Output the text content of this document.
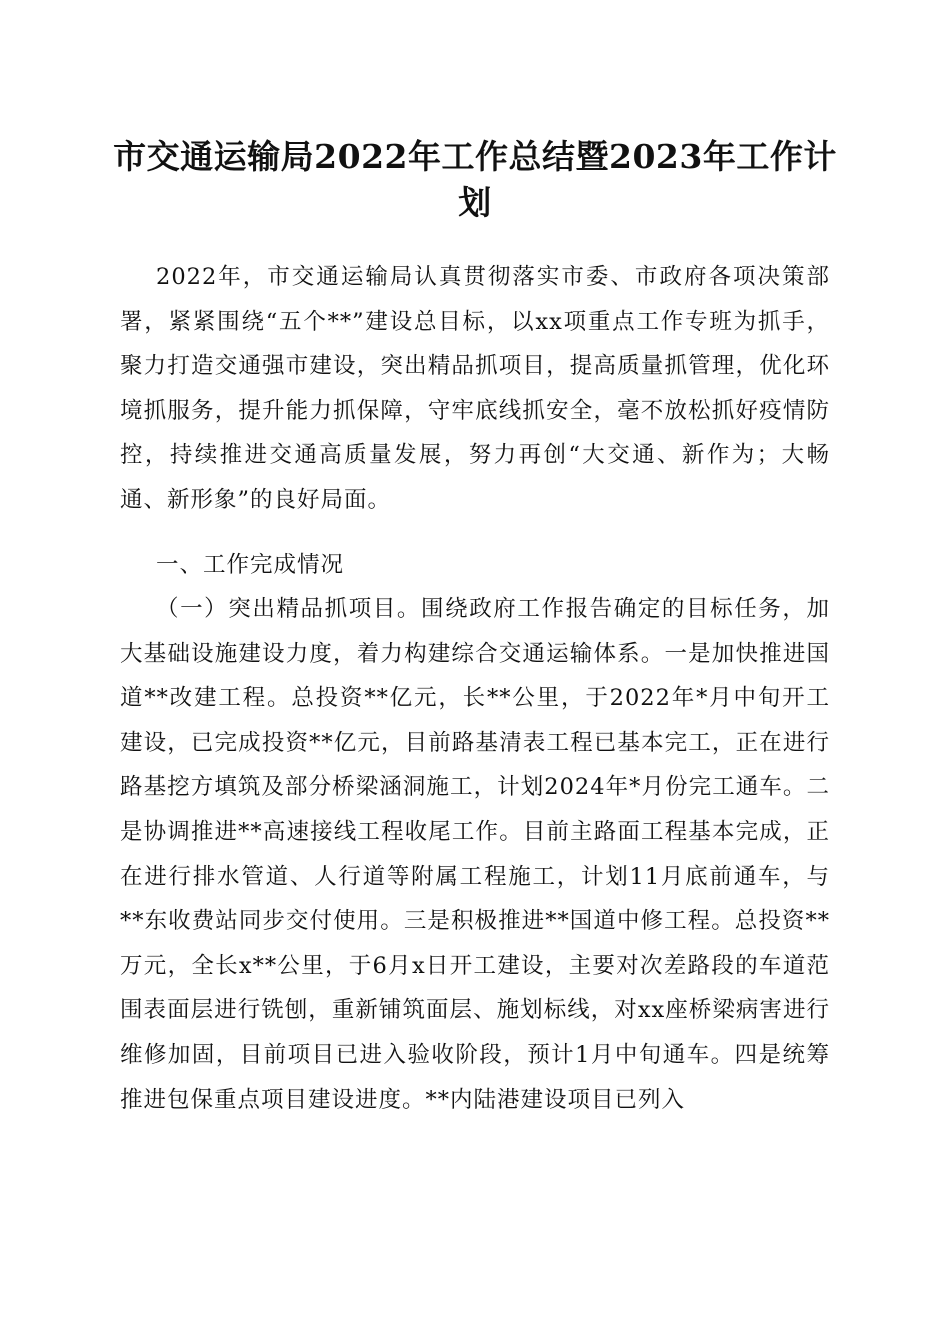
市交通运输局2022年工作总结暨2023年工作计划

2022年，市交通运输局认真贯彻落实市委、市政府各项决策部署，紧紧围绕“五个**”建设总目标，以xx项重点工作专班为抓手，聚力打造交通强市建设，突出精品抓项目，提高质量抓管理，优化环境抓服务，提升能力抓保障，守牢底线抓安全，毫不放松抓好疫情防控，持续推进交通高质量发展，努力再创“大交通、新作为；大畅通、新形象”的良好局面。

一、工作完成情况

（一）突出精品抓项目。围绕政府工作报告确定的目标任务，加大基础设施建设力度，着力构建综合交通运输体系。一是加快推进国道**改建工程。总投资**亿元，长**公里，于2022年*月中旬开工建设，已完成投资**亿元，目前路基清表工程已基本完工，正在进行路基挖方填筑及部分桥梁涵洞施工，计划2024年*月份完工通车。二是协调推进**高速接线工程收尾工作。目前主路面工程基本完成，正在进行排水管道、人行道等附属工程施工，计划11月底前通车，与**东收费站同步交付使用。三是积极推进**国道中修工程。总投资**万元，全长x**公里，于6月x日开工建设，主要对次差路段的车道范围表面层进行铣刨，重新铺筑面层、施划标线，对xx座桥梁病害进行维修加固，目前项目已进入验收阶段，预计1月中旬通车。四是统筹推进包保重点项目建设进度。**内陆港建设项目已列入
